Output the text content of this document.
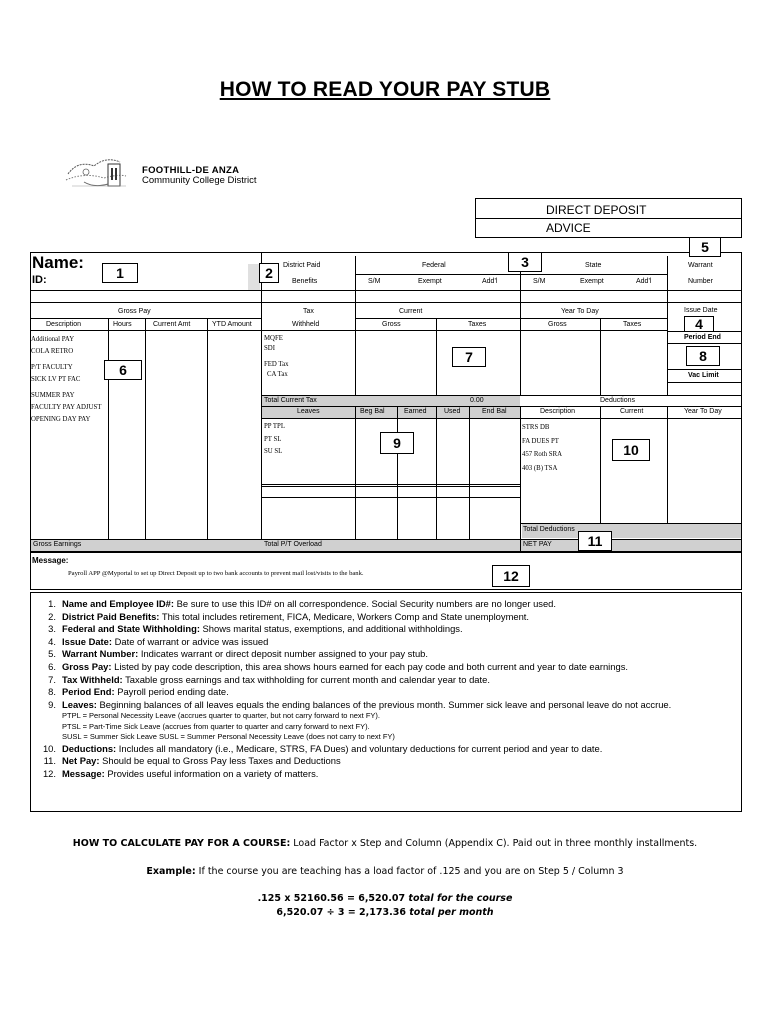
HOW TO READ YOUR PAY STUB
FOOTHILL-DE ANZA
Community College District
DIRECT DEPOSIT
ADVICE
Name:
ID:
District Paid
Benefits
Federal
S/M	Exempt	Add'l
State
S/M	Exempt	Add'l
Warrant
Number
Gross Pay
Description	Hours	Current Amt	YTD Amount
Additional PAY
COLA RETRO
P/T FACULTY
SICK LV PT FAC
SUMMER PAY
FACULTY PAY ADJUST
OPENING DAY PAY
Tax
Withheld
Current
Gross	Taxes
Year To Day
Gross	Taxes
MQFE
SDI
FED Tax
CA Tax
Issue Date
Period End
Vac Limit
Total Current Tax	0.00	Deductions
Leaves	Beg Bal	Earned Used	End Bal	Description	Current	Year To Day
PP TPL
PT SL
SU SL
STRS DB
FA DUES PT
457 Roth SRA
403 (B) TSA
Total Deductions
Gross Earnings	Total P/T Overload	NET PAY
Message:
Payroll APP @Myportal to set up Direct Deposit up to two bank accounts to prevent mail lost/visits to the bank.
1	2
3
4
5
6
7	8
9	10
11
12
1. Name and Employee ID#: Be sure to use this ID# on all correspondence. Social Security numbers are no longer used.
2. District Paid Benefits: This total includes retirement, FICA, Medicare, Workers Comp and State unemployment.
3. Federal and State Withholding: Shows marital status, exemptions, and additional withholdings.
4. Issue Date: Date of warrant or advice was issued
5. Warrant Number: Indicates warrant or direct deposit number assigned to your pay stub.
6. Gross Pay: Listed by pay code description, this area shows hours earned for each pay code and both current and year to date earnings.
7. Tax Withheld: Taxable gross earnings and tax withholding for current month and calendar year to date.
8. Period End: Payroll period ending date.
9. Leaves: Beginning balances of all leaves equals the ending balances of the previous month. Summer sick leave and personal leave do not accrue.
PTPL = Personal Necessity Leave (accrues quarter to quarter, but not carry forward to next FY).
PTSL = Part-Time Sick Leave (accrues from quarter to quarter and carry forward to next FY).
SUSL = Summer Sick Leave SUSL = Summer Personal Necessity Leave (does not carry to next FY)
10. Deductions: Includes all mandatory (i.e., Medicare, STRS, FA Dues) and voluntary deductions for current period and year to date.
11. Net Pay: Should be equal to Gross Pay less Taxes and Deductions
12. Message: Provides useful information on a variety of matters.
HOW TO CALCULATE PAY FOR A COURSE: Load Factor x Step and Column (Appendix C). Paid out in three monthly installments.
Example: If the course you are teaching has a load factor of .125 and you are on Step 5 / Column 3
.125 x 52160.56 = 6,520.07 total for the course
6,520.07 ÷ 3 = 2,173.36 total per month
